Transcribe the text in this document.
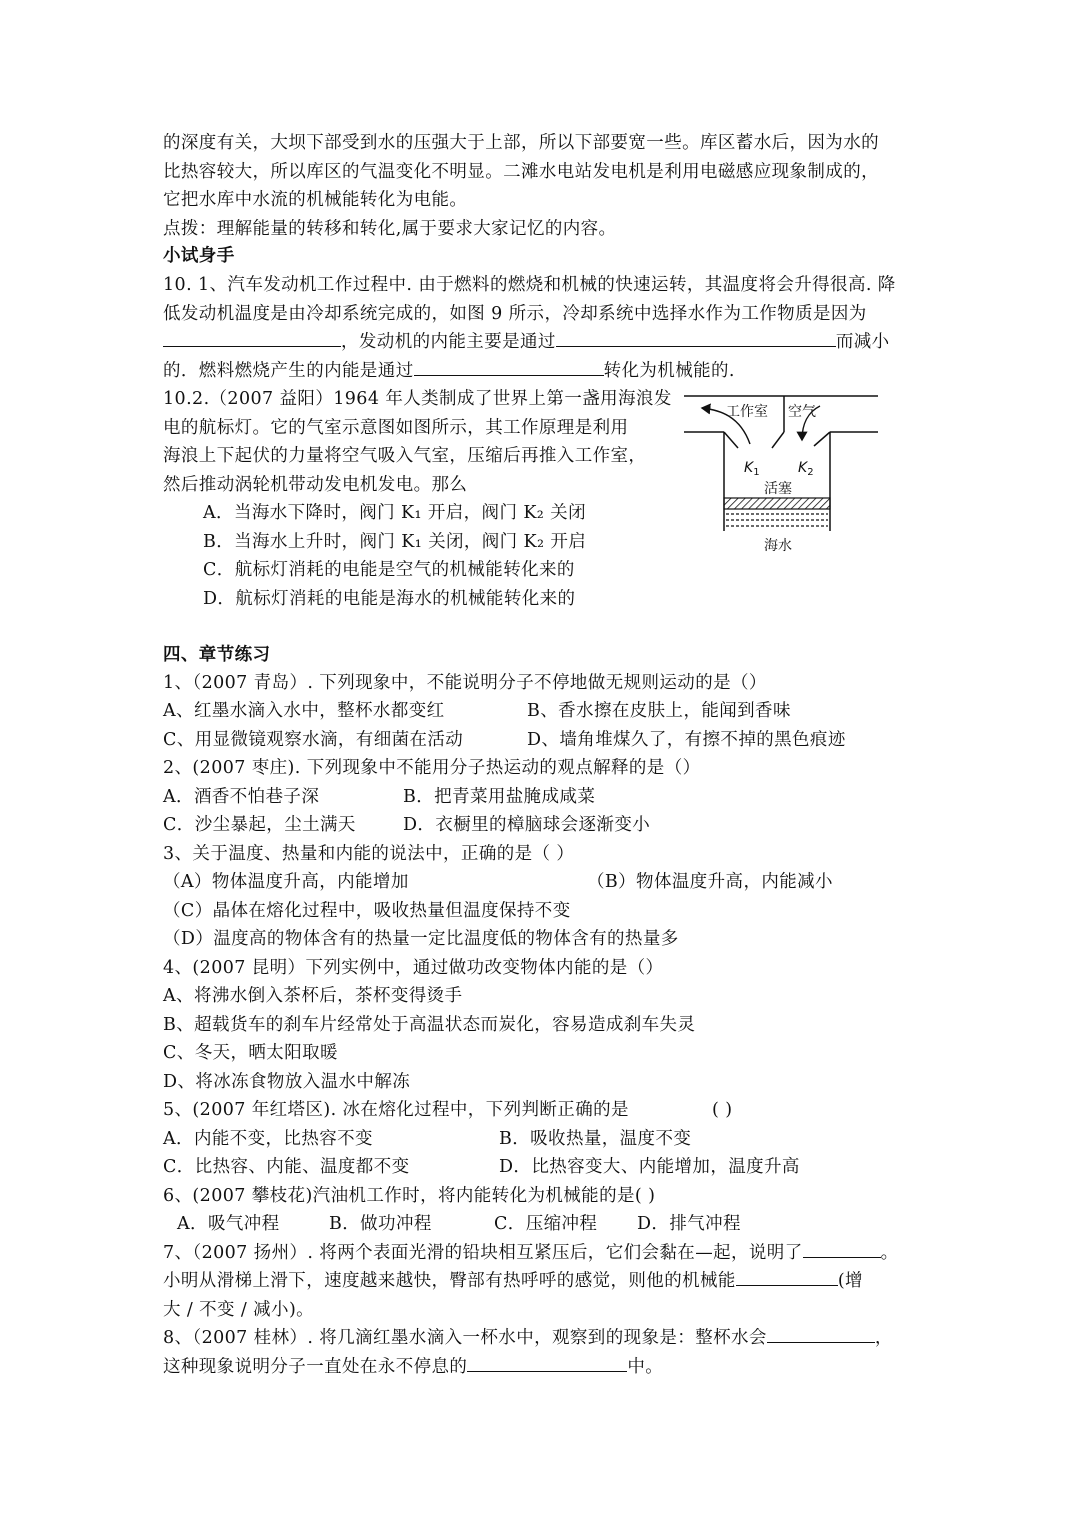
的深度有关，大坝下部受到水的压强大于上部，所以下部要宽一些。库区蓄水后，因为水的
比热容较大，所以库区的气温变化不明显。二滩水电站发电机是利用电磁感应现象制成的，
它把水库中水流的机械能转化为电能。
点拨：理解能量的转移和转化,属于要求大家记忆的内容。
小试身手
10. 1、汽车发动机工作过程中. 由于燃料的燃烧和机械的快速运转，其温度将会升得很高. 降
低发动机温度是由冷却系统完成的，如图 9 所示，冷却系统中选择水作为工作物质是因为
，发动机的内能主要是通过	而减小
的．燃料燃烧产生的内能是通过	转化为机械能的.
10.2.（2007 益阳）1964 年人类制成了世界上第一盏用海浪发
电的航标灯。它的气室示意图如图所示，其工作原理是利用
海浪上下起伏的力量将空气吸入气室，压缩后再推入工作室，
然后推动涡轮机带动发电机发电。那么
A．当海水下降时，阀门 K₁ 开启，阀门 K₂ 关闭
B．当海水上升时，阀门 K₁ 关闭，阀门 K₂ 开启
C．航标灯消耗的电能是空气的机械能转化来的
D．航标灯消耗的电能是海水的机械能转化来的
工作室 空气
$K_1$	$K_2$
活塞
海水
四、章节练习
1、（2007 青岛）. 下列现象中，不能说明分子不停地做无规则运动的是（）
A、红墨水滴入水中，整杯水都变红	B、香水擦在皮肤上，能闻到香味
C、用显微镜观察水滴，有细菌在活动	D、墙角堆煤久了，有擦不掉的黑色痕迹
2、(2007 枣庄). 下列现象中不能用分子热运动的观点解释的是（）
A．酒香不怕巷子深	B．把青菜用盐腌成咸菜
C．沙尘暴起，尘土满天	D．衣橱里的樟脑球会逐渐变小
3、关于温度、热量和内能的说法中，正确的是（ ）
（A）物体温度升高，内能增加	（B）物体温度升高，内能减小
（C）晶体在熔化过程中，吸收热量但温度保持不变
（D）温度高的物体含有的热量一定比温度低的物体含有的热量多
4、(2007 昆明）下列实例中，通过做功改变物体内能的是（）
A、将沸水倒入茶杯后，茶杯变得烫手
B、超载货车的刹车片经常处于高温状态而炭化，容易造成刹车失灵
C、冬天，晒太阳取暖
D、将冰冻食物放入温水中解冻
5、(2007 年红塔区). 冰在熔化过程中，下列判断正确的是	( )
A．内能不变，比热容不变	B．吸收热量，温度不变
C．比热容、内能、温度都不变	D．比热容变大、内能增加，温度升高
6、(2007 攀枝花)汽油机工作时，将内能转化为机械能的是( )
A．吸气冲程	B．做功冲程	C．压缩冲程 D．排气冲程
7、（2007 扬州）. 将两个表面光滑的铅块相互紧压后，它们会黏在—起，说明了	。
小明从滑梯上滑下，速度越来越快，臀部有热呼呼的感觉，则他的机械能	(增
大 / 不变 / 减小)。
8、（2007 桂林）. 将几滴红墨水滴入一杯水中，观察到的现象是：整杯水会	，
这种现象说明分子一直处在永不停息的	中。
